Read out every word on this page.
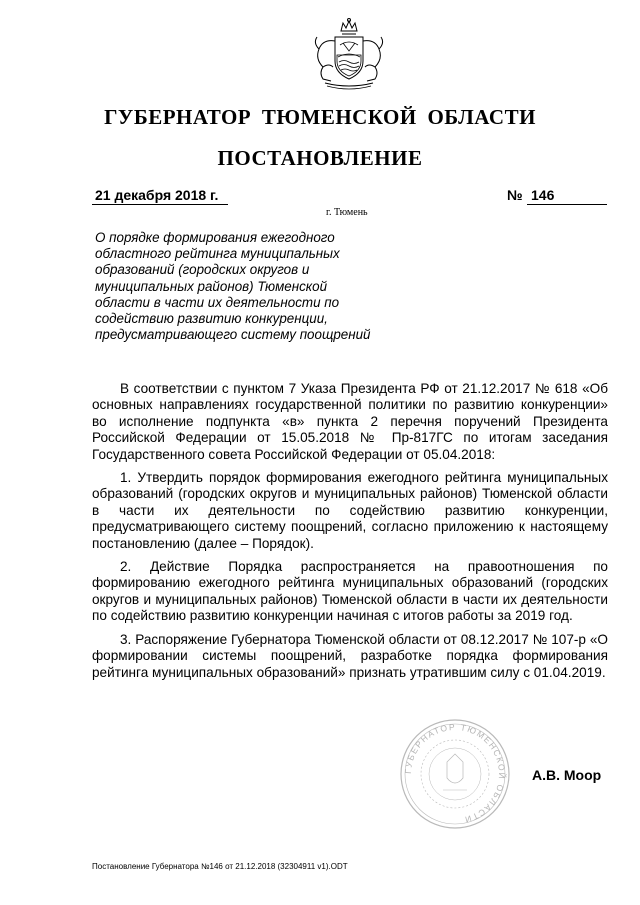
ГУБЕРНАТОР ТЮМЕНСКОЙ ОБЛАСТИ
ПОСТАНОВЛЕНИЕ
21 декабря 2018 г.	№ 146
г. Тюмень
О порядке формирования ежегодного
областного рейтинга муниципальных
образований (городских округов и
муниципальных районов) Тюменской
области в части их деятельности по
содействию развитию конкуренции,
предусматривающего систему поощрений

В соответствии с пунктом 7 Указа Президента РФ от 21.12.2017 № 618 «Об основных направлениях государственной политики по развитию конкуренции» во исполнение подпункта «в» пункта 2 перечня поручений Президента Российской Федерации от 15.05.2018 № Пр-817ГС по итогам заседания Государственного совета Российской Федерации от 05.04.2018:

1. Утвердить порядок формирования ежегодного рейтинга муниципальных образований (городских округов и муниципальных районов) Тюменской области в части их деятельности по содействию развитию конкуренции, предусматривающего систему поощрений, согласно приложению к настоящему постановлению (далее – Порядок).

2. Действие Порядка распространяется на правоотношения по формированию ежегодного рейтинга муниципальных образований (городских округов и муниципальных районов) Тюменской области в части их деятельности по содействию развитию конкуренции начиная с итогов работы за 2019 год.

3. Распоряжение Губернатора Тюменской области от 08.12.2017 № 107-р «О формировании системы поощрений, разработке порядка формирования рейтинга муниципальных образований» признать утратившим силу с 01.04.2019.

ГУБЕРНАТОР ТЮМЕНСКОЙ ОБЛАСТИ
А.В. Моор
Постановление Губернатора №146 от 21.12.2018 (32304911 v1).ODT
